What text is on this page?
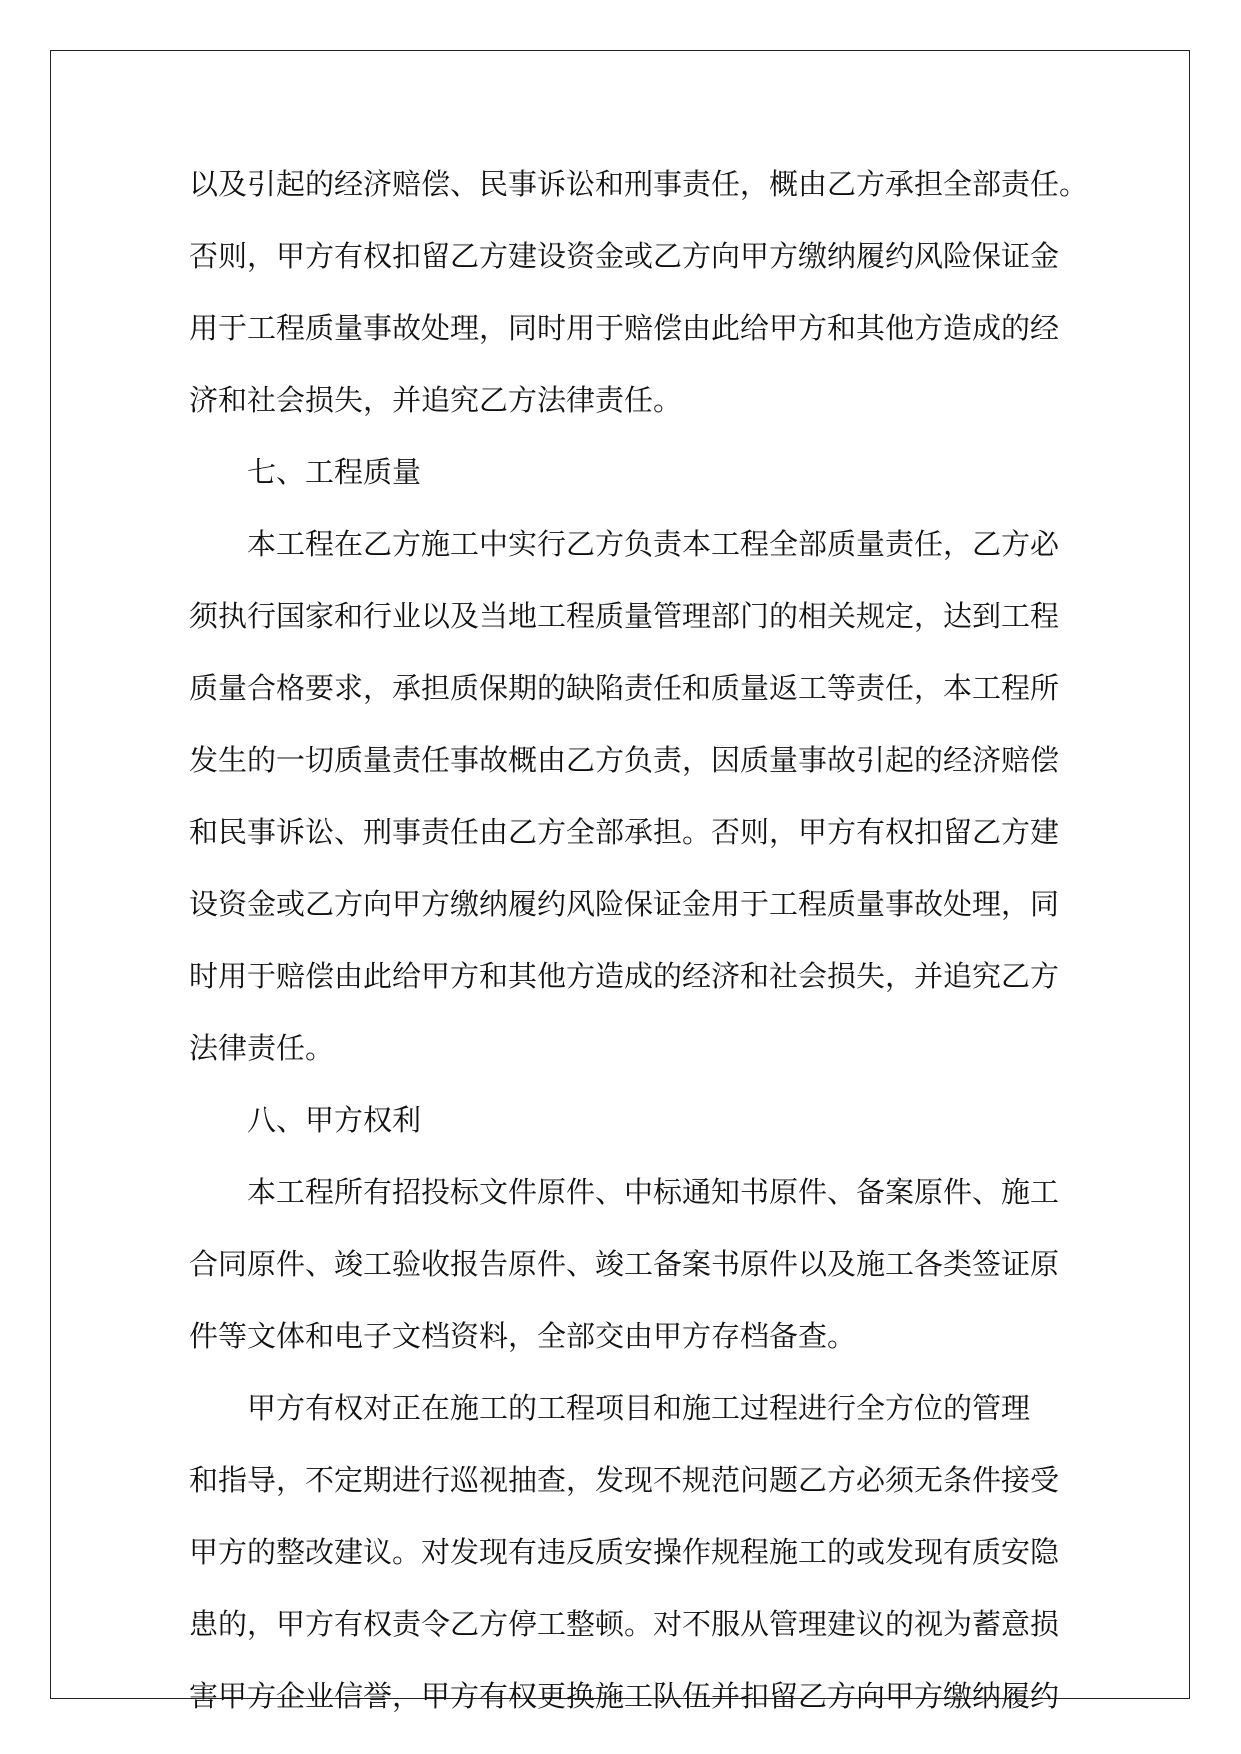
以及引起的经济赔偿、民事诉讼和刑事责任，概由乙方承担全部责任。

否则，甲方有权扣留乙方建设资金或乙方向甲方缴纳履约风险保证金

用于工程质量事故处理，同时用于赔偿由此给甲方和其他方造成的经

济和社会损失，并追究乙方法律责任。

七、工程质量

本工程在乙方施工中实行乙方负责本工程全部质量责任，乙方必

须执行国家和行业以及当地工程质量管理部门的相关规定，达到工程

质量合格要求，承担质保期的缺陷责任和质量返工等责任，本工程所

发生的一切质量责任事故概由乙方负责，因质量事故引起的经济赔偿

和民事诉讼、刑事责任由乙方全部承担。否则，甲方有权扣留乙方建

设资金或乙方向甲方缴纳履约风险保证金用于工程质量事故处理，同

时用于赔偿由此给甲方和其他方造成的经济和社会损失，并追究乙方

法律责任。

八、甲方权利

本工程所有招投标文件原件、中标通知书原件、备案原件、施工

合同原件、竣工验收报告原件、竣工备案书原件以及施工各类签证原

件等文体和电子文档资料，全部交由甲方存档备查。

甲方有权对正在施工的工程项目和施工过程进行全方位的管理

和指导，不定期进行巡视抽查，发现不规范问题乙方必须无条件接受

甲方的整改建议。对发现有违反质安操作规程施工的或发现有质安隐

患的，甲方有权责令乙方停工整顿。对不服从管理建议的视为蓄意损

害甲方企业信誉，甲方有权更换施工队伍并扣留乙方向甲方缴纳履约
